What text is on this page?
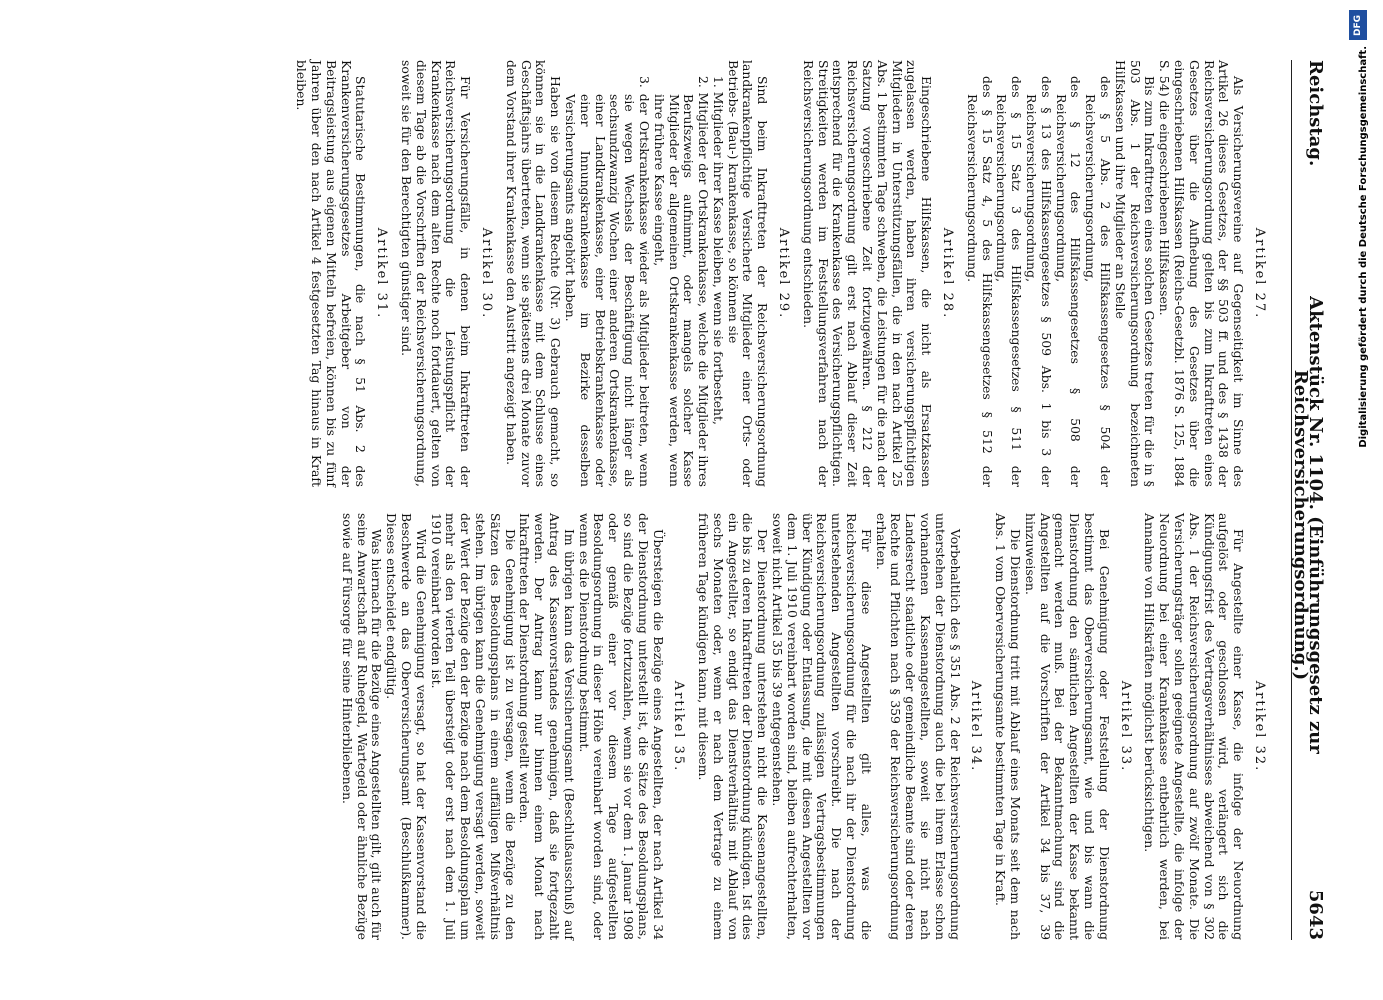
Reichstag.
Aktenstück Nr. 1104. (Einführungsgesetz zur Reichsversicherungsordnung.)
5643
Artikel 27.

Als Versicherungsvereine auf Gegenseitigkeit im Sinne des Artikel 26 dieses Gesetzes, der §§ 503 ff. und des § 1438 der Reichsversicherungsordnung gelten bis zum Inkrafttreten eines Gesetzes über die Aufhebung des Gesetzes über die eingeschriebenen Hilfskassen (Reichs-Gesetzbl. 1876 S. 125, 1884 S. 54) die eingeschriebenen Hilfskassen.

Bis zum Inkrafttreten eines solchen Gesetzes treten für die in § 503 Abs. 1 der Reichsversicherungsordnung bezeichneten Hilfskassen und ihre Mitglieder an Stelle

des § 5 Abs. 2 des Hilfskassengesetzes § 504 der Reichsversicherungsordnung,
des § 12 des Hilfskassengesetzes § 508 der Reichsversicherungsordnung,
des § 13 des Hilfskassengesetzes § 509 Abs. 1 bis 3 der Reichsversicherungsordnung,
des § 15 Satz 3 des Hilfskassengesetzes § 511 der Reichsversicherungsordnung,
des § 15 Satz 4, 5 des Hilfskassengesetzes § 512 der Reichsversicherungsordnung.
Artikel 28.

Eingeschriebene Hilfskassen, die nicht als Ersatzkassen zugelassen werden, haben ihren versicherungspflichtigen Mitgliedern in Unterstützungsfällen, die in den nach Artikel 25 Abs. 1 bestimmten Tage schweben, die Leistungen für die nach der Satzung vorgeschriebene Zeit fortzugewähren. § 212 der Reichsversicherungsordnung gilt erst nach Ablauf dieser Zeit entsprechend für die Krankenkasse des Versicherungspflichtigen. Streitigkeiten werden im Feststellungsverfahren nach der Reichsversicherungsordnung entschieden.

Artikel 29.

Sind beim Inkrafttreten der Reichsversicherungsordnung landkrankenpflichtige Versicherte Mitglieder einer Orts- oder Betriebs- (Bau-) krankenkasse, so können sie

1. Mitglieder ihrer Kasse bleiben, wenn sie fortbesteht,
2. Mitglieder der Ortskrankenkasse, welche die Mitglieder ihres Berufszweigs aufnimmt, oder mangels solcher Kasse Mitglieder der allgemeinen Ortskrankenkasse werden, wenn ihre frühere Kasse eingeht,
3. der Ortskrankenkasse wieder als Mitglieder beitreten, wenn sie wegen Wechsels der Beschäftigung nicht länger als sechsundzwanzig Wochen einer anderen Ortskrankenkasse, einer Landkrankenkasse, einer Betriebskrankenkasse oder einer Innungskrankenkasse im Bezirke desselben Versicherungsamts angehört haben.

Haben sie von diesem Rechte (Nr. 3) Gebrauch gemacht, so können sie in die Landkrankenkasse mit dem Schlusse eines Geschäftsjahrs übertreten, wenn sie spätestens drei Monate zuvor dem Vorstand ihrer Krankenkasse den Austritt angezeigt haben.

Artikel 30.

Für Versicherungsfälle, in denen beim Inkrafttreten der Reichsversicherungsordnung die Leistungspflicht der Krankenkasse nach dem alten Rechte noch fortdauert, gelten von diesem Tage ab die Vorschriften der Reichsversicherungsordnung, soweit sie für den Berechtigten günstiger sind.

Artikel 31.

Statutarische Bestimmungen, die nach § 51 Abs. 2 des Krankenversicherungsgesetzes Arbeitgeber von der Beitragsleistung aus eigenen Mitteln befreien, können bis zu fünf Jahren über den nach Artikel 4 festgesetzten Tag hinaus in Kraft bleiben.

Artikel 32.

Für Angestellte einer Kasse, die infolge der Neuordnung aufgelöst oder geschlossen wird, verlängert sich die Kündigungsfrist des Vertragsverhältnisses abweichend von § 302 Abs. 1 der Reichsversicherungsordnung auf zwölf Monate. Die Versicherungsträger sollen geeignete Angestellte, die infolge der Neuordnung bei einer Krankenkasse entbehrlich werden, bei Annahme von Hilfskräften möglichst berücksichtigen.

Artikel 33.

Bei Genehmigung oder Feststellung der Dienstordnung bestimmt das Oberversicherungsamt, wie und bis wann die Dienstordnung den sämtlichen Angestellten der Kasse bekannt gemacht werden muß. Bei der Bekanntmachung sind die Angestellten auf die Vorschriften der Artikel 34 bis 37, 39 hinzuweisen.

Die Dienstordnung tritt mit Ablauf eines Monats seit dem nach Abs. 1 vom Oberversicherungsamte bestimmten Tage in Kraft.

Artikel 34.

Vorbehaltlich des § 351 Abs. 2 der Reichsversicherungsordnung unterstehen der Dienstordnung auch die bei ihrem Erlasse schon vorhandenen Kassenangestellten, soweit sie nicht nach Landesrecht staatliche oder gemeindliche Beamte sind oder deren Rechte und Pflichten nach § 359 der Reichsversicherungsordnung erhalten.

Für diese Angestellten gilt alles, was die Reichsversicherungsordnung für die nach ihr der Dienstordnung unterstehenden Angestellten vorschreibt. Die nach der Reichsversicherungsordnung zulässigen Vertragsbestimmungen über Kündigung oder Entlassung, die mit diesen Angestellten vor dem 1. Juli 1910 vereinbart worden sind, bleiben aufrechterhalten, soweit nicht Artikel 35 bis 39 entgegenstehen.

Der Dienstordnung unterstehen nicht die Kassenangestellten, die bis zu deren Inkrafttreten der Dienstordnung kündigen. Ist dies ein Angestellter, so endigt das Dienstverhältnis mit Ablauf von sechs Monaten oder, wenn er nach dem Vertrage zu einem früheren Tage kündigen kann, mit diesem.

Artikel 35.

Übersteigen die Bezüge eines Angestellten, der nach Artikel 34 der Dienstordnung unterstellt ist, die Sätze des Besoldungsplans, so sind die Bezüge fortzuzahlen, wenn sie vor dem 1. Januar 1908 oder gemäß einer vor diesem Tage aufgestellten Besoldungsordnung in dieser Höhe vereinbart worden sind, oder wenn es die Dienstordnung bestimmt.

Im übrigen kann das Versicherungsamt (Beschlußausschuß) auf Antrag des Kassenvorstandes genehmigen, daß sie fortgezahlt werden. Der Antrag kann nur binnen einem Monat nach Inkrafttreten der Dienstordnung gestellt werden.

Die Genehmigung ist zu versagen, wenn die Bezüge zu den Sätzen des Besoldungsplans in einem auffälligen Mißverhältnis stehen. Im übrigen kann die Genehmigung versagt werden, soweit der Wert der Bezüge den der Bezüge nach dem Besoldungsplan um mehr als den vierten Teil übersteigt oder erst nach dem 1. Juli 1910 vereinbart worden ist.

Wird die Genehmigung versagt, so hat der Kassenvorstand die Beschwerde an das Oberversicherungsamt (Beschlußkammer). Dieses entscheidet endgültig.

Was hiernach für die Bezüge eines Angestellten gilt, gilt auch für seine Anwartschaft auf Ruhegeld, Wartegeld oder ähnliche Bezüge sowie auf Fürsorge für seine Hinterbliebenen.

DFG
Digitalisierung gefördert durch die Deutsche Forschungsgemeinschaft.
